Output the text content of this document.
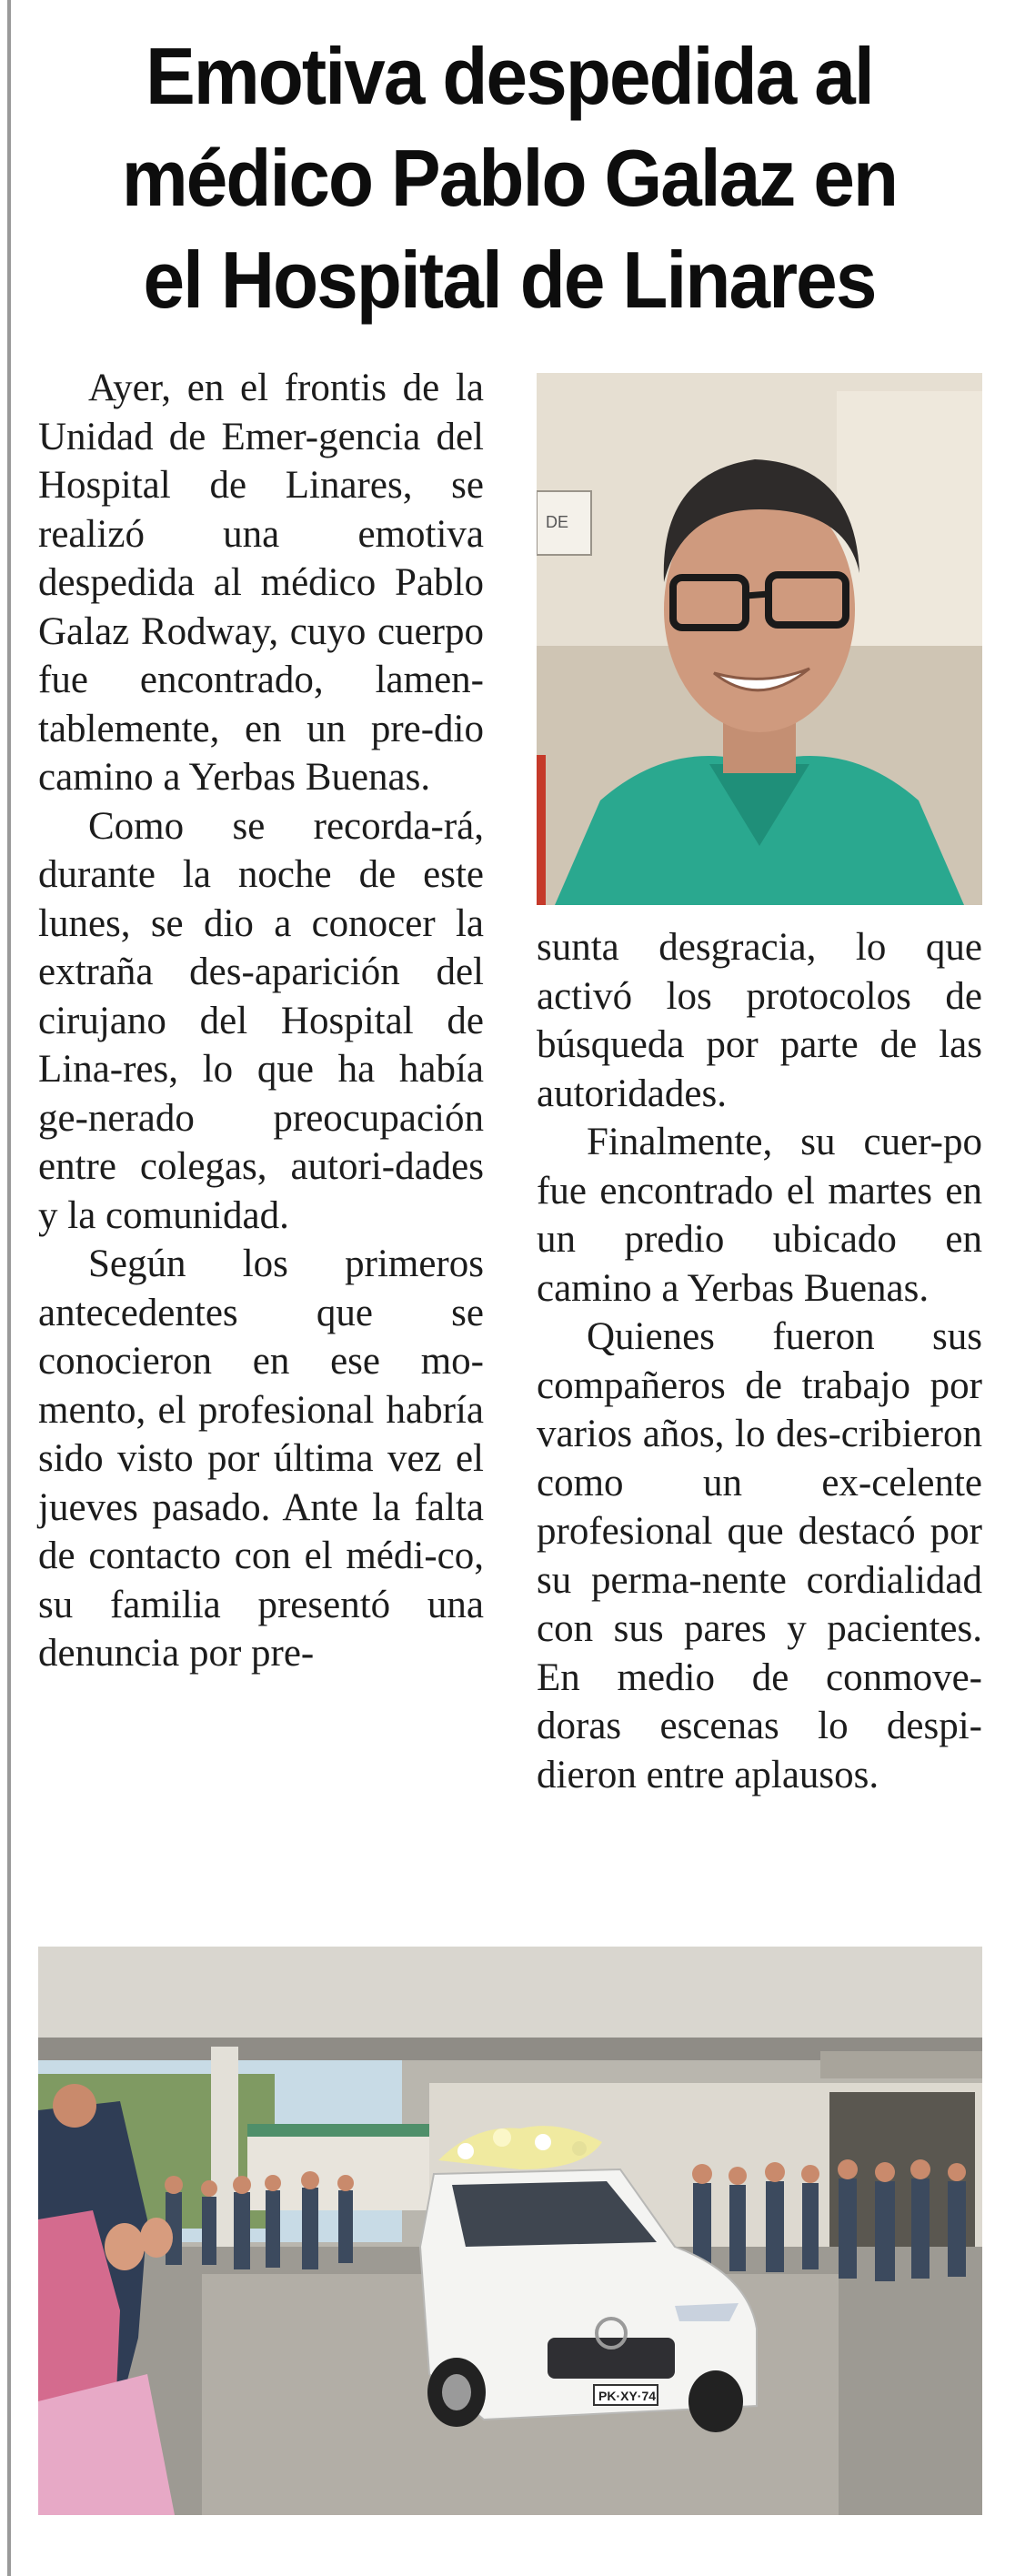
Emotiva despedida al
médico Pablo Galaz en
el Hospital de Linares

Ayer, en el frontis de la Unidad de Emer-gencia del Hospital de Linares, se realizó una emotiva despedida al médico Pablo Galaz Rodway, cuyo cuerpo fue encontrado, lamen-tablemente, en un pre-dio camino a Yerbas Buenas.

Como se recorda-rá, durante la noche de este lunes, se dio a conocer la extraña des-aparición del cirujano del Hospital de Lina-res, lo que ha había ge-nerado preocupación entre colegas, autori-dades y la comunidad.

Según los primeros antecedentes que se conocieron en ese mo-mento, el profesional habría sido visto por última vez el jueves pasado. Ante la falta de contacto con el médi-co, su familia presentó una denuncia por pre-

DE

sunta desgracia, lo que activó los protocolos de búsqueda por parte de las autoridades.

Finalmente, su cuer-po fue encontrado el martes en un predio ubicado en camino a Yerbas Buenas.

Quienes fueron sus compañeros de trabajo por varios años, lo des-cribieron como un ex-celente profesional que destacó por su perma-nente cordialidad con sus pares y pacientes. En medio de conmove-doras escenas lo despi-dieron entre aplausos.

PK·XY·74
